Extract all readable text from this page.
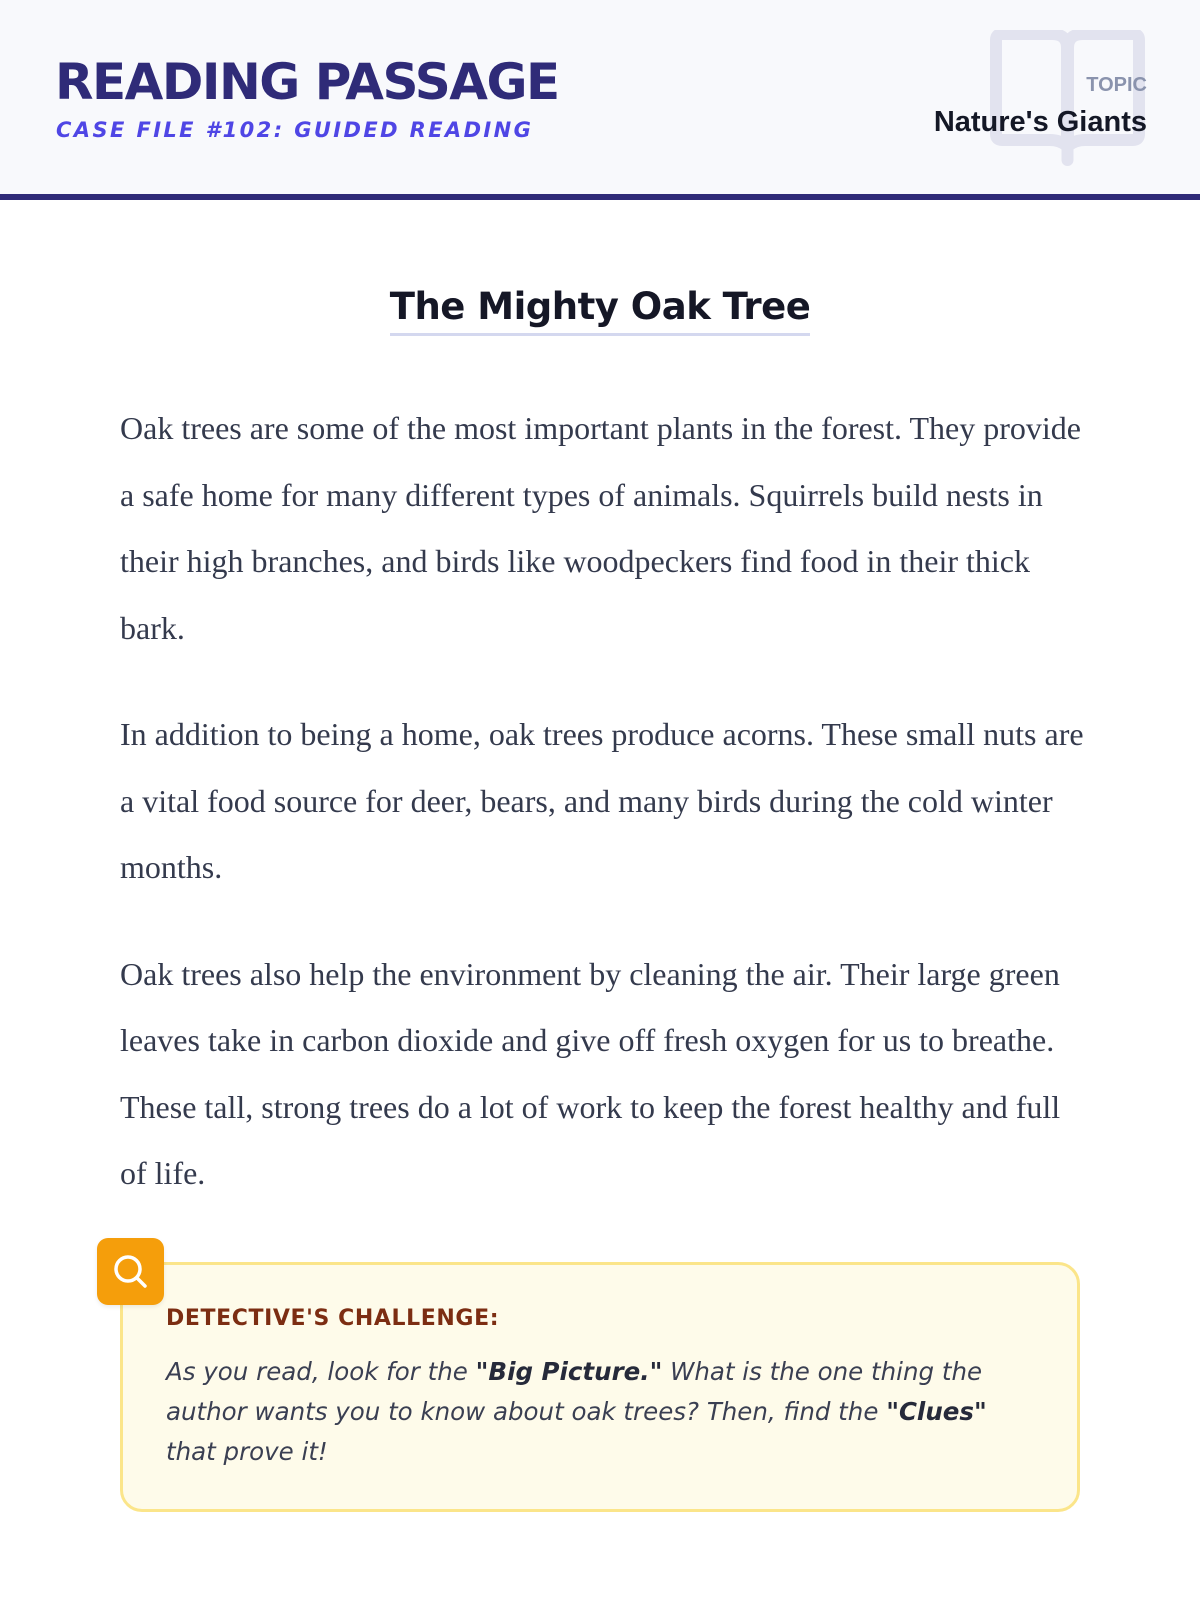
READING PASSAGE
CASE FILE #102: GUIDED READING
TOPIC
Nature's Giants
The Mighty Oak Tree

Oak trees are some of the most important plants in the forest. They provide a safe home for many different types of animals. Squirrels build nests in their high branches, and birds like woodpeckers find food in their thick bark.

In addition to being a home, oak trees produce acorns. These small nuts are a vital food source for deer, bears, and many birds during the cold winter months.

Oak trees also help the environment by cleaning the air. Their large green leaves take in carbon dioxide and give off fresh oxygen for us to breathe. These tall, strong trees do a lot of work to keep the forest healthy and full of life.

DETECTIVE'S CHALLENGE:
As you read, look for the "Big Picture." What is the one thing the author wants you to know about oak trees? Then, find the "Clues" that prove it!
